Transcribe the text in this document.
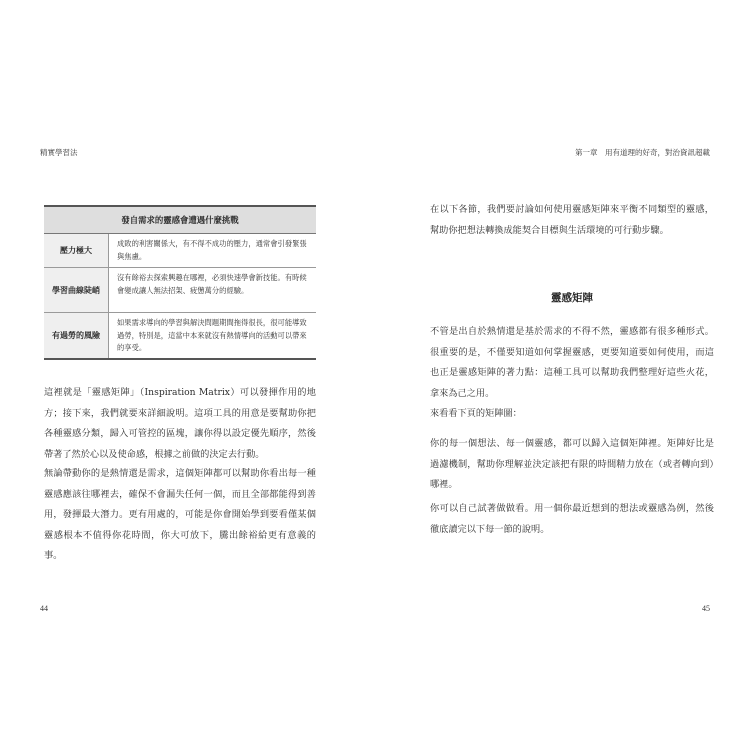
精實學習法	第一章　用有道理的好奇，對治資訊超載
發自需求的靈感會遭遇什麼挑戰
壓力極大
成敗的利害關係大，有不得不成功的壓力，通常會引發緊張與焦慮。
學習曲線陡峭
沒有餘裕去探索興趣在哪裡，必須快速學會新技能。有時候會變成讓人無法招架、疲憊萬分的經驗。
有過勞的風險
如果需求導向的學習與解決問題期間拖得很長，很可能導致過勞，特別是，這當中本來就沒有熱情導向的活動可以帶來的享受。

這裡就是「靈感矩陣」（Inspiration Matrix）可以發揮作用的地方；接下來，我們就要來詳細說明。這項工具的用意是要幫助你把各種靈感分類，歸入可管控的區塊，讓你得以設定優先順序，然後帶著了然於心以及使命感，根據之前做的決定去行動。

無論帶動你的是熱情還是需求，這個矩陣都可以幫助你看出每一種靈感應該往哪裡去，確保不會漏失任何一個，而且全部都能得到善用，發揮最大潛力。更有用處的，可能是你會開始學到要看僅某個靈感根本不值得你花時間，你大可放下，騰出餘裕給更有意義的事。

在以下各節，我們要討論如何使用靈感矩陣來平衡不同類型的靈感，幫助你把想法轉換成能契合目標與生活環境的可行動步驟。

靈感矩陣

不管是出自於熱情還是基於需求的不得不然，靈感都有很多種形式。很重要的是，不僅要知道如何掌握靈感，更要知道要如何使用，而這也正是靈感矩陣的著力點：這種工具可以幫助我們整理好這些火花，拿來為己之用。

來看看下頁的矩陣圖：

你的每一個想法、每一個靈感，都可以歸入這個矩陣裡。矩陣好比是過濾機制，幫助你理解並決定該把有限的時間精力放在（或者轉向到）哪裡。

你可以自己試著做做看。用一個你最近想到的想法或靈感為例，然後徹底讀完以下每一節的說明。

44	45
